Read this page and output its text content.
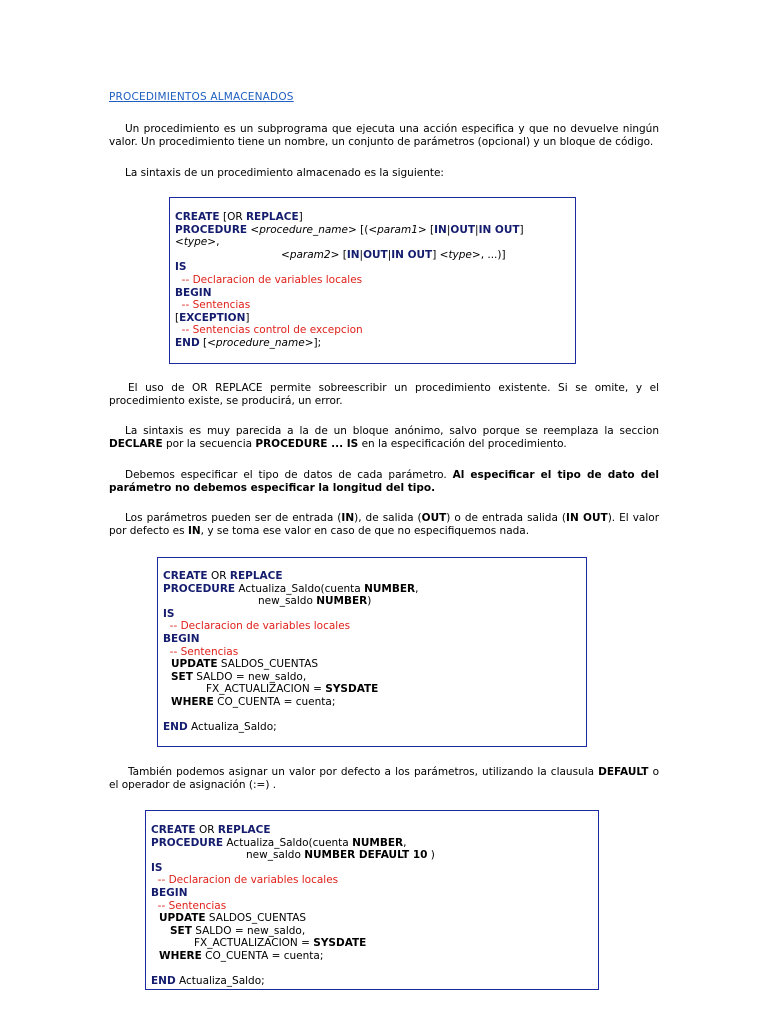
PROCEDIMIENTOS ALMACENADOS

Un procedimiento es un subprograma que ejecuta una acción especifica y que no devuelve ningún valor. Un procedimiento tiene un nombre, un conjunto de parámetros (opcional) y un bloque de código.

La sintaxis de un procedimiento almacenado es la siguiente:

CREATE [OR REPLACE]
PROCEDURE <procedure_name> [(<param1> [IN|OUT|IN OUT]
<type>,
<param2> [IN|OUT|IN OUT] <type>, ...)]
IS
-- Declaracion de variables locales
BEGIN
-- Sentencias
[EXCEPTION]
-- Sentencias control de excepcion
END [<procedure_name>];

El uso de OR REPLACE permite sobreescribir un procedimiento existente. Si se omite, y el procedimiento existe, se producirá, un error.

La sintaxis es muy parecida a la de un bloque anónimo, salvo porque se reemplaza la seccion DECLARE por la secuencia PROCEDURE ... IS en la especificación del procedimiento.

Debemos especificar el tipo de datos de cada parámetro. Al especificar el tipo de dato del parámetro no debemos especificar la longitud del tipo.

Los parámetros pueden ser de entrada (IN), de salida (OUT) o de entrada salida (IN OUT). El valor por defecto es IN, y se toma ese valor en caso de que no especifiquemos nada.

CREATE OR REPLACE
PROCEDURE Actualiza_Saldo(cuenta NUMBER,
new_saldo NUMBER)
IS
-- Declaracion de variables locales
BEGIN
-- Sentencias
UPDATE SALDOS_CUENTAS
SET SALDO = new_saldo,
FX_ACTUALIZACION = SYSDATE
WHERE CO_CUENTA = cuenta;
END Actualiza_Saldo;

También podemos asignar un valor por defecto a los parámetros, utilizando la clausula DEFAULT o el operador de asignación (:=) .

CREATE OR REPLACE
PROCEDURE Actualiza_Saldo(cuenta NUMBER,
new_saldo NUMBER DEFAULT 10 )
IS
-- Declaracion de variables locales
BEGIN
-- Sentencias
UPDATE SALDOS_CUENTAS
SET SALDO = new_saldo,
FX_ACTUALIZACION = SYSDATE
WHERE CO_CUENTA = cuenta;
END Actualiza_Saldo;
